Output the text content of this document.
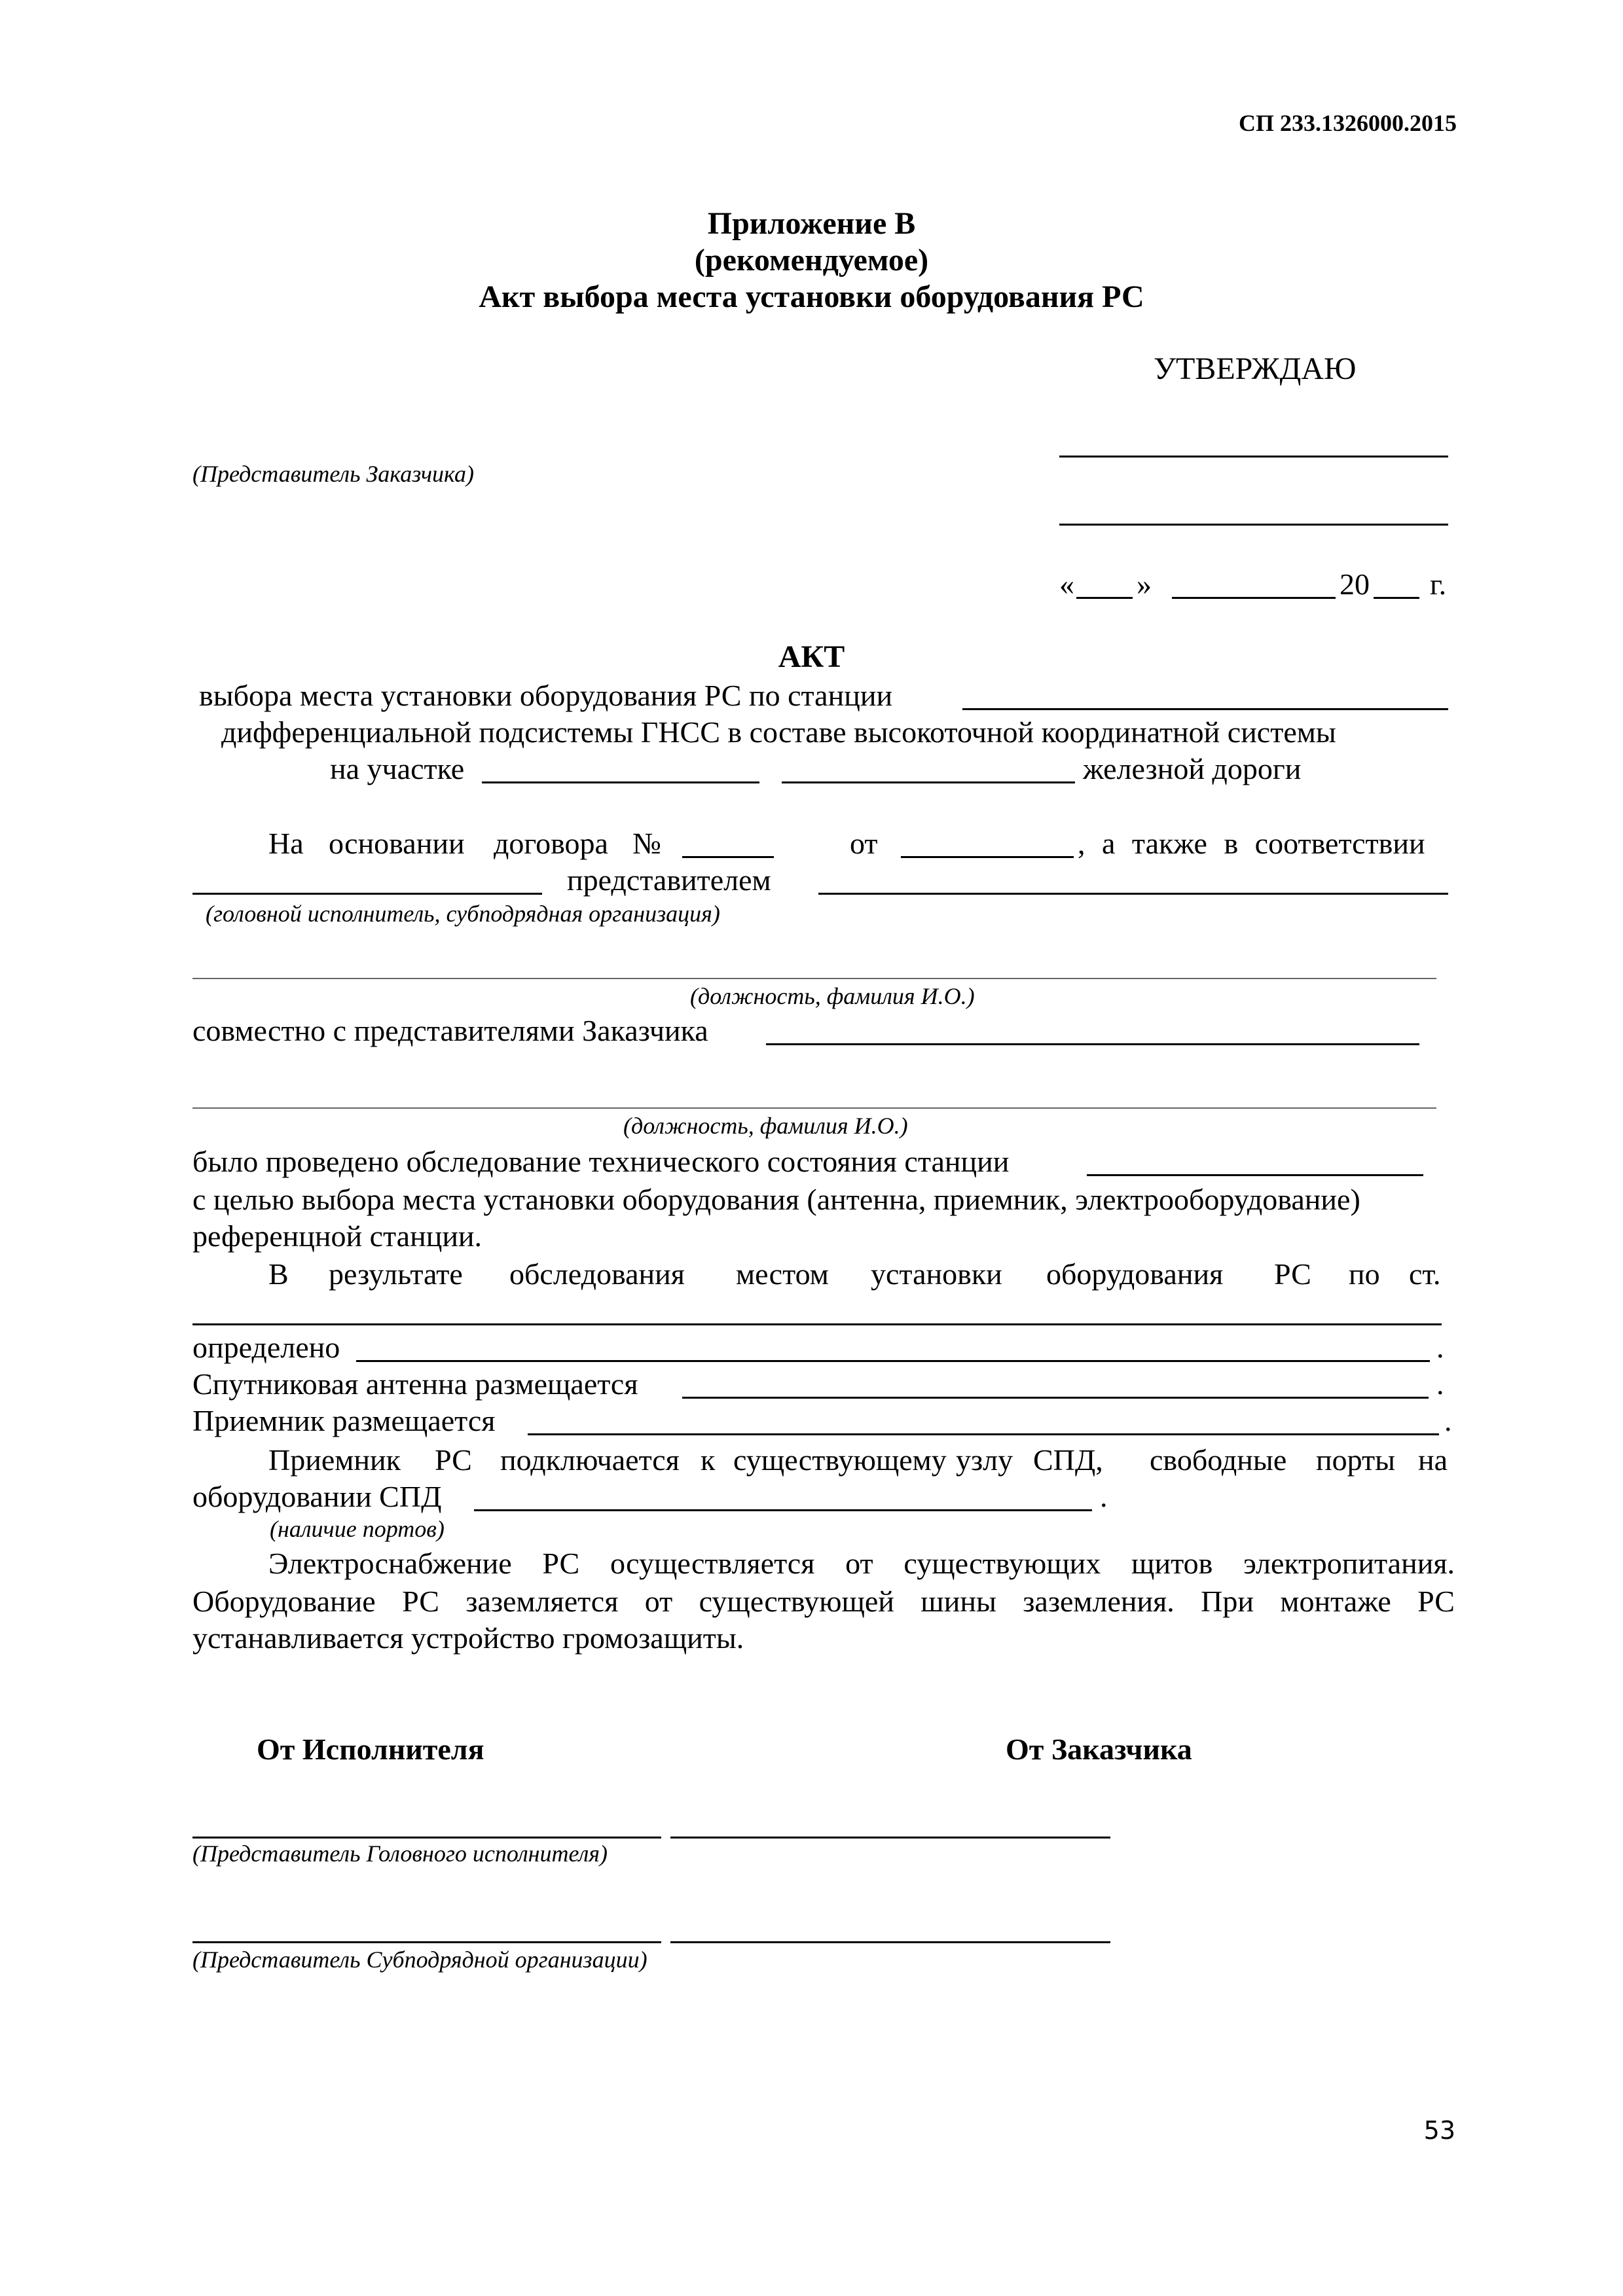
СП 233.1326000.2015
Приложение В
(рекомендуемое)
Акт выбора места установки оборудования РС
УТВЕРЖДАЮ
(Представитель Заказчика)
« »	20 г.
АКТ
выбора места установки оборудования РС по станции
дифференциальной подсистемы ГНСС в составе высокоточной координатной системы
на участке	железной дороги
На основании договора №	от	, а также в соответствии
представителем
(головной исполнитель, субподрядная организация)
(должность, фамилия И.О.)
совместно с представителями Заказчика
(должность, фамилия И.О.)
было проведено обследование технического состояния станции
с целью выбора места установки оборудования (антенна, приемник, электрооборудование)
референцной станции.
В результате обследования местом установки оборудования РС по ст.
определено	.
Спутниковая антенна размещается	.
Приемник размещается	.
Приемник РС подключается к существующему узлу СПД, свободные порты на
оборудовании СПД	.
(наличие портов)
Электроснабжение РС осуществляется от существующих щитов электропитания.
Оборудование РС заземляется от существующей шины заземления. При монтаже РС
устанавливается устройство громозащиты.
От Исполнителя	От Заказчика
(Представитель Головного исполнителя)
(Представитель Субподрядной организации)
53
